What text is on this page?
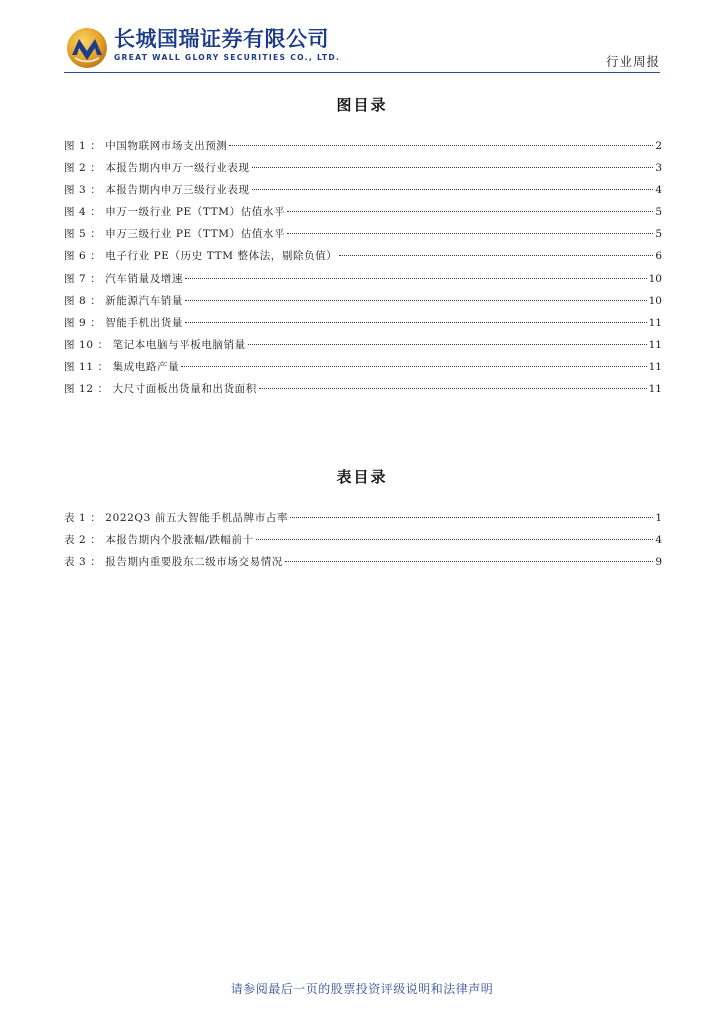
长城国瑞证券有限公司
GREAT WALL GLORY SECURITIES CO., LTD.	行业周报
图目录
图 1 ： 中国物联网市场支出预测	2
图 2 ： 本报告期内申万一级行业表现	3
图 3 ： 本报告期内申万三级行业表现	4
图 4 ： 申万一级行业 PE（TTM）估值水平	5
图 5 ： 申万三级行业 PE（TTM）估值水平	5
图 6 ： 电子行业 PE（历史 TTM 整体法，剔除负值）	6
图 7 ： 汽车销量及增速	10
图 8 ： 新能源汽车销量	10
图 9 ： 智能手机出货量	11
图 10 ： 笔记本电脑与平板电脑销量	11
图 11 ： 集成电路产量	11
图 12 ： 大尺寸面板出货量和出货面积	11
表目录
表 1 ： 2022Q3 前五大智能手机品牌市占率	1
表 2 ： 本报告期内个股涨幅/跌幅前十	4
表 3 ： 报告期内重要股东二级市场交易情况	9
请参阅最后一页的股票投资评级说明和法律声明
